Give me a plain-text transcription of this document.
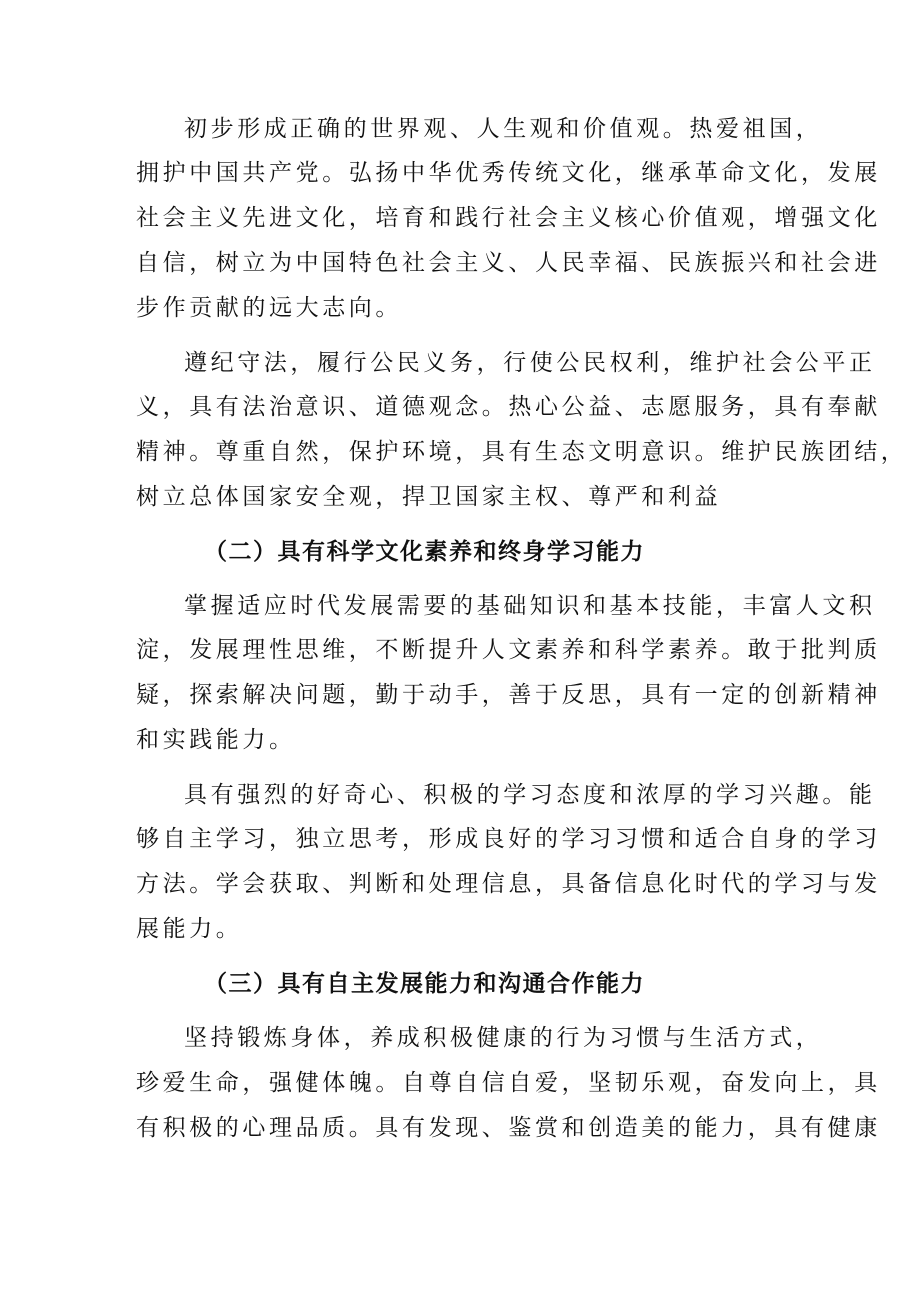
初步形成正确的世界观、人生观和价值观。热爱祖国，
拥护中国共产党。弘扬中华优秀传统文化，继承革命文化，发展
社会主义先进文化，培育和践行社会主义核心价值观，增强文化
自信，树立为中国特色社会主义、人民幸福、民族振兴和社会进
步作贡献的远大志向。
遵纪守法，履行公民义务，行使公民权利，维护社会公平正
义，具有法治意识、道德观念。热心公益、志愿服务，具有奉献
精神。尊重自然，保护环境，具有生态文明意识。维护民族团结，
树立总体国家安全观，捍卫国家主权、尊严和利益
（二）具有科学文化素养和终身学习能力
掌握适应时代发展需要的基础知识和基本技能，丰富人文积
淀，发展理性思维，不断提升人文素养和科学素养。敢于批判质
疑，探索解决问题，勤于动手，善于反思，具有一定的创新精神
和实践能力。
具有强烈的好奇心、积极的学习态度和浓厚的学习兴趣。能
够自主学习，独立思考，形成良好的学习习惯和适合自身的学习
方法。学会获取、判断和处理信息，具备信息化时代的学习与发
展能力。
（三）具有自主发展能力和沟通合作能力
坚持锻炼身体，养成积极健康的行为习惯与生活方式，
珍爱生命，强健体魄。自尊自信自爱，坚韧乐观，奋发向上，具
有积极的心理品质。具有发现、鉴赏和创造美的能力，具有健康
